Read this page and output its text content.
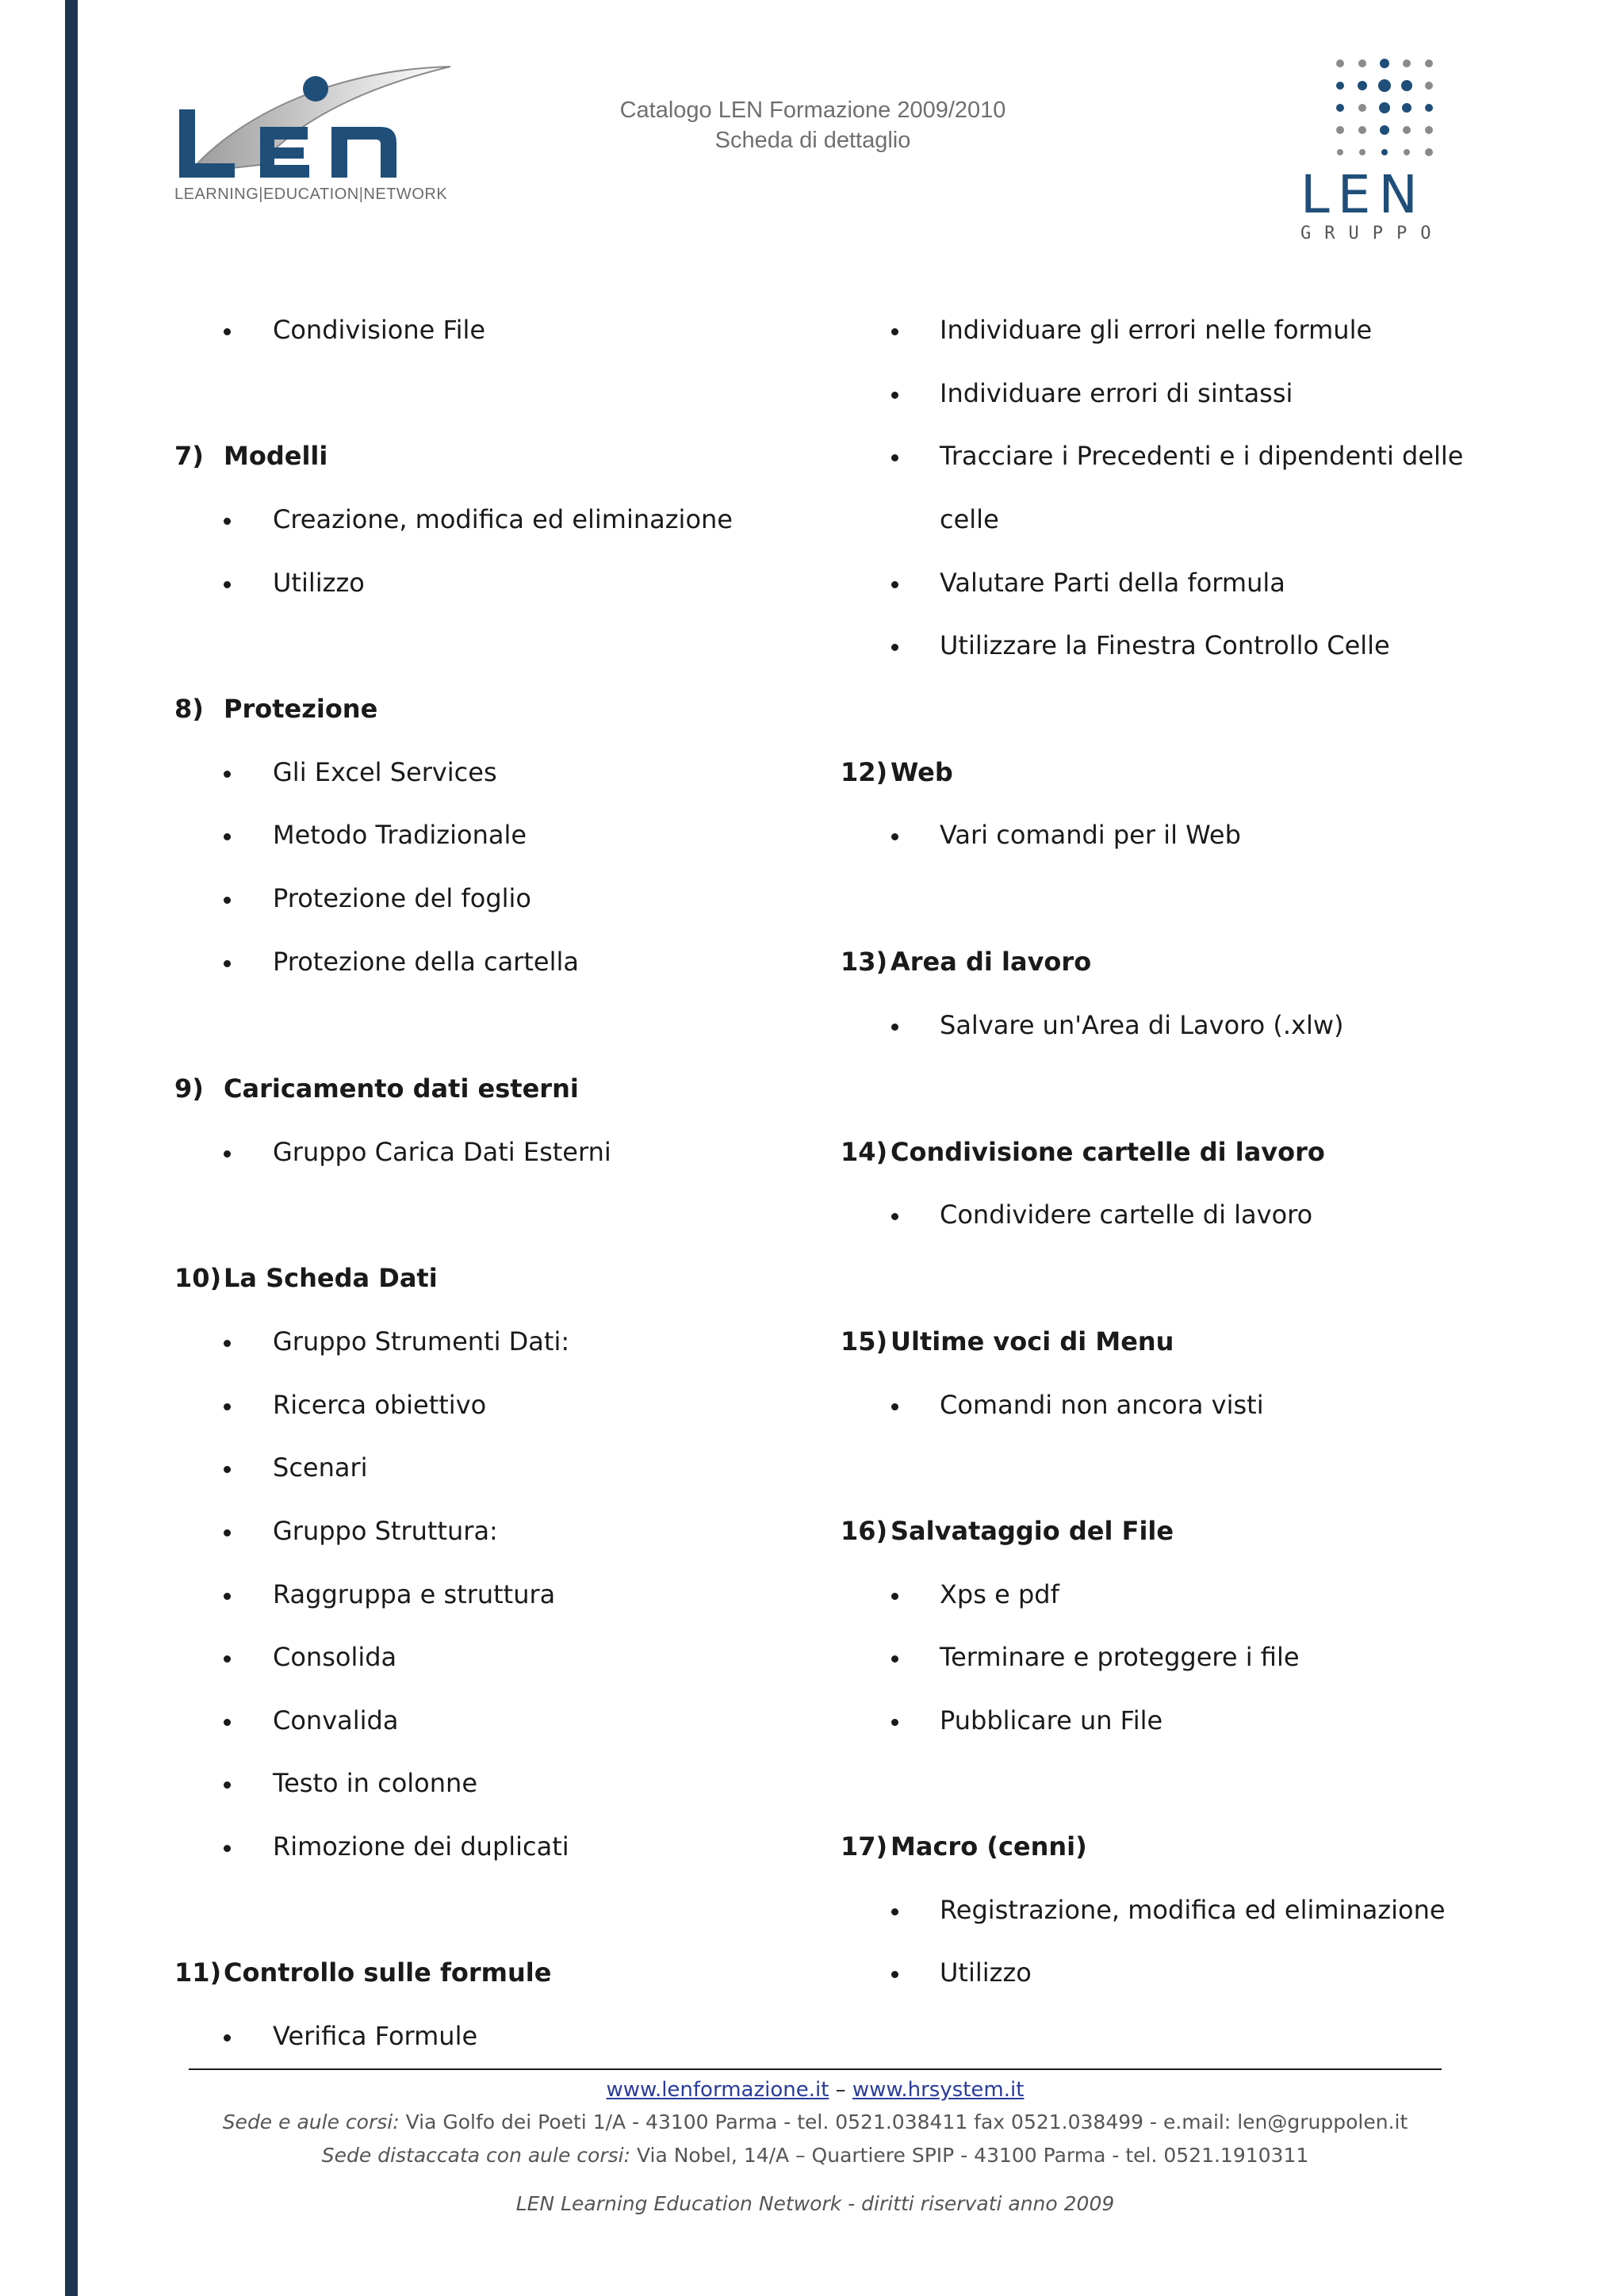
LEARNING|EDUCATION|NETWORK
Catalogo LEN Formazione 2009/2010
Scheda di dettaglio
LEN
GRUPPO
Condivisione File
7) Modelli
Creazione, modifica ed eliminazione
Utilizzo
8) Protezione
Gli Excel Services
Metodo Tradizionale
Protezione del foglio
Protezione della cartella
9) Caricamento dati esterni
Gruppo Carica Dati Esterni
10) La Scheda Dati
Gruppo Strumenti Dati:
Ricerca obiettivo
Scenari
Gruppo Struttura:
Raggruppa e struttura
Consolida
Convalida
Testo in colonne
Rimozione dei duplicati
11) Controllo sulle formule
Verifica Formule
Individuare gli errori nelle formule
Individuare errori di sintassi
Tracciare i Precedenti e i dipendenti delle
celle
Valutare Parti della formula
Utilizzare la Finestra Controllo Celle
12) Web
Vari comandi per il Web
13) Area di lavoro
Salvare un'Area di Lavoro (.xlw)
14) Condivisione cartelle di lavoro
Condividere cartelle di lavoro
15) Ultime voci di Menu
Comandi non ancora visti
16) Salvataggio del File
Xps e pdf
Terminare e proteggere i file
Pubblicare un File
17) Macro (cenni)
Registrazione, modifica ed eliminazione
Utilizzo
www.lenformazione.it – www.hrsystem.it
Sede e aule corsi: Via Golfo dei Poeti 1/A - 43100 Parma - tel. 0521.038411 fax 0521.038499 - e.mail: len@gruppolen.it
Sede distaccata con aule corsi: Via Nobel, 14/A – Quartiere SPIP - 43100 Parma - tel. 0521.1910311
LEN Learning Education Network - diritti riservati anno 2009
